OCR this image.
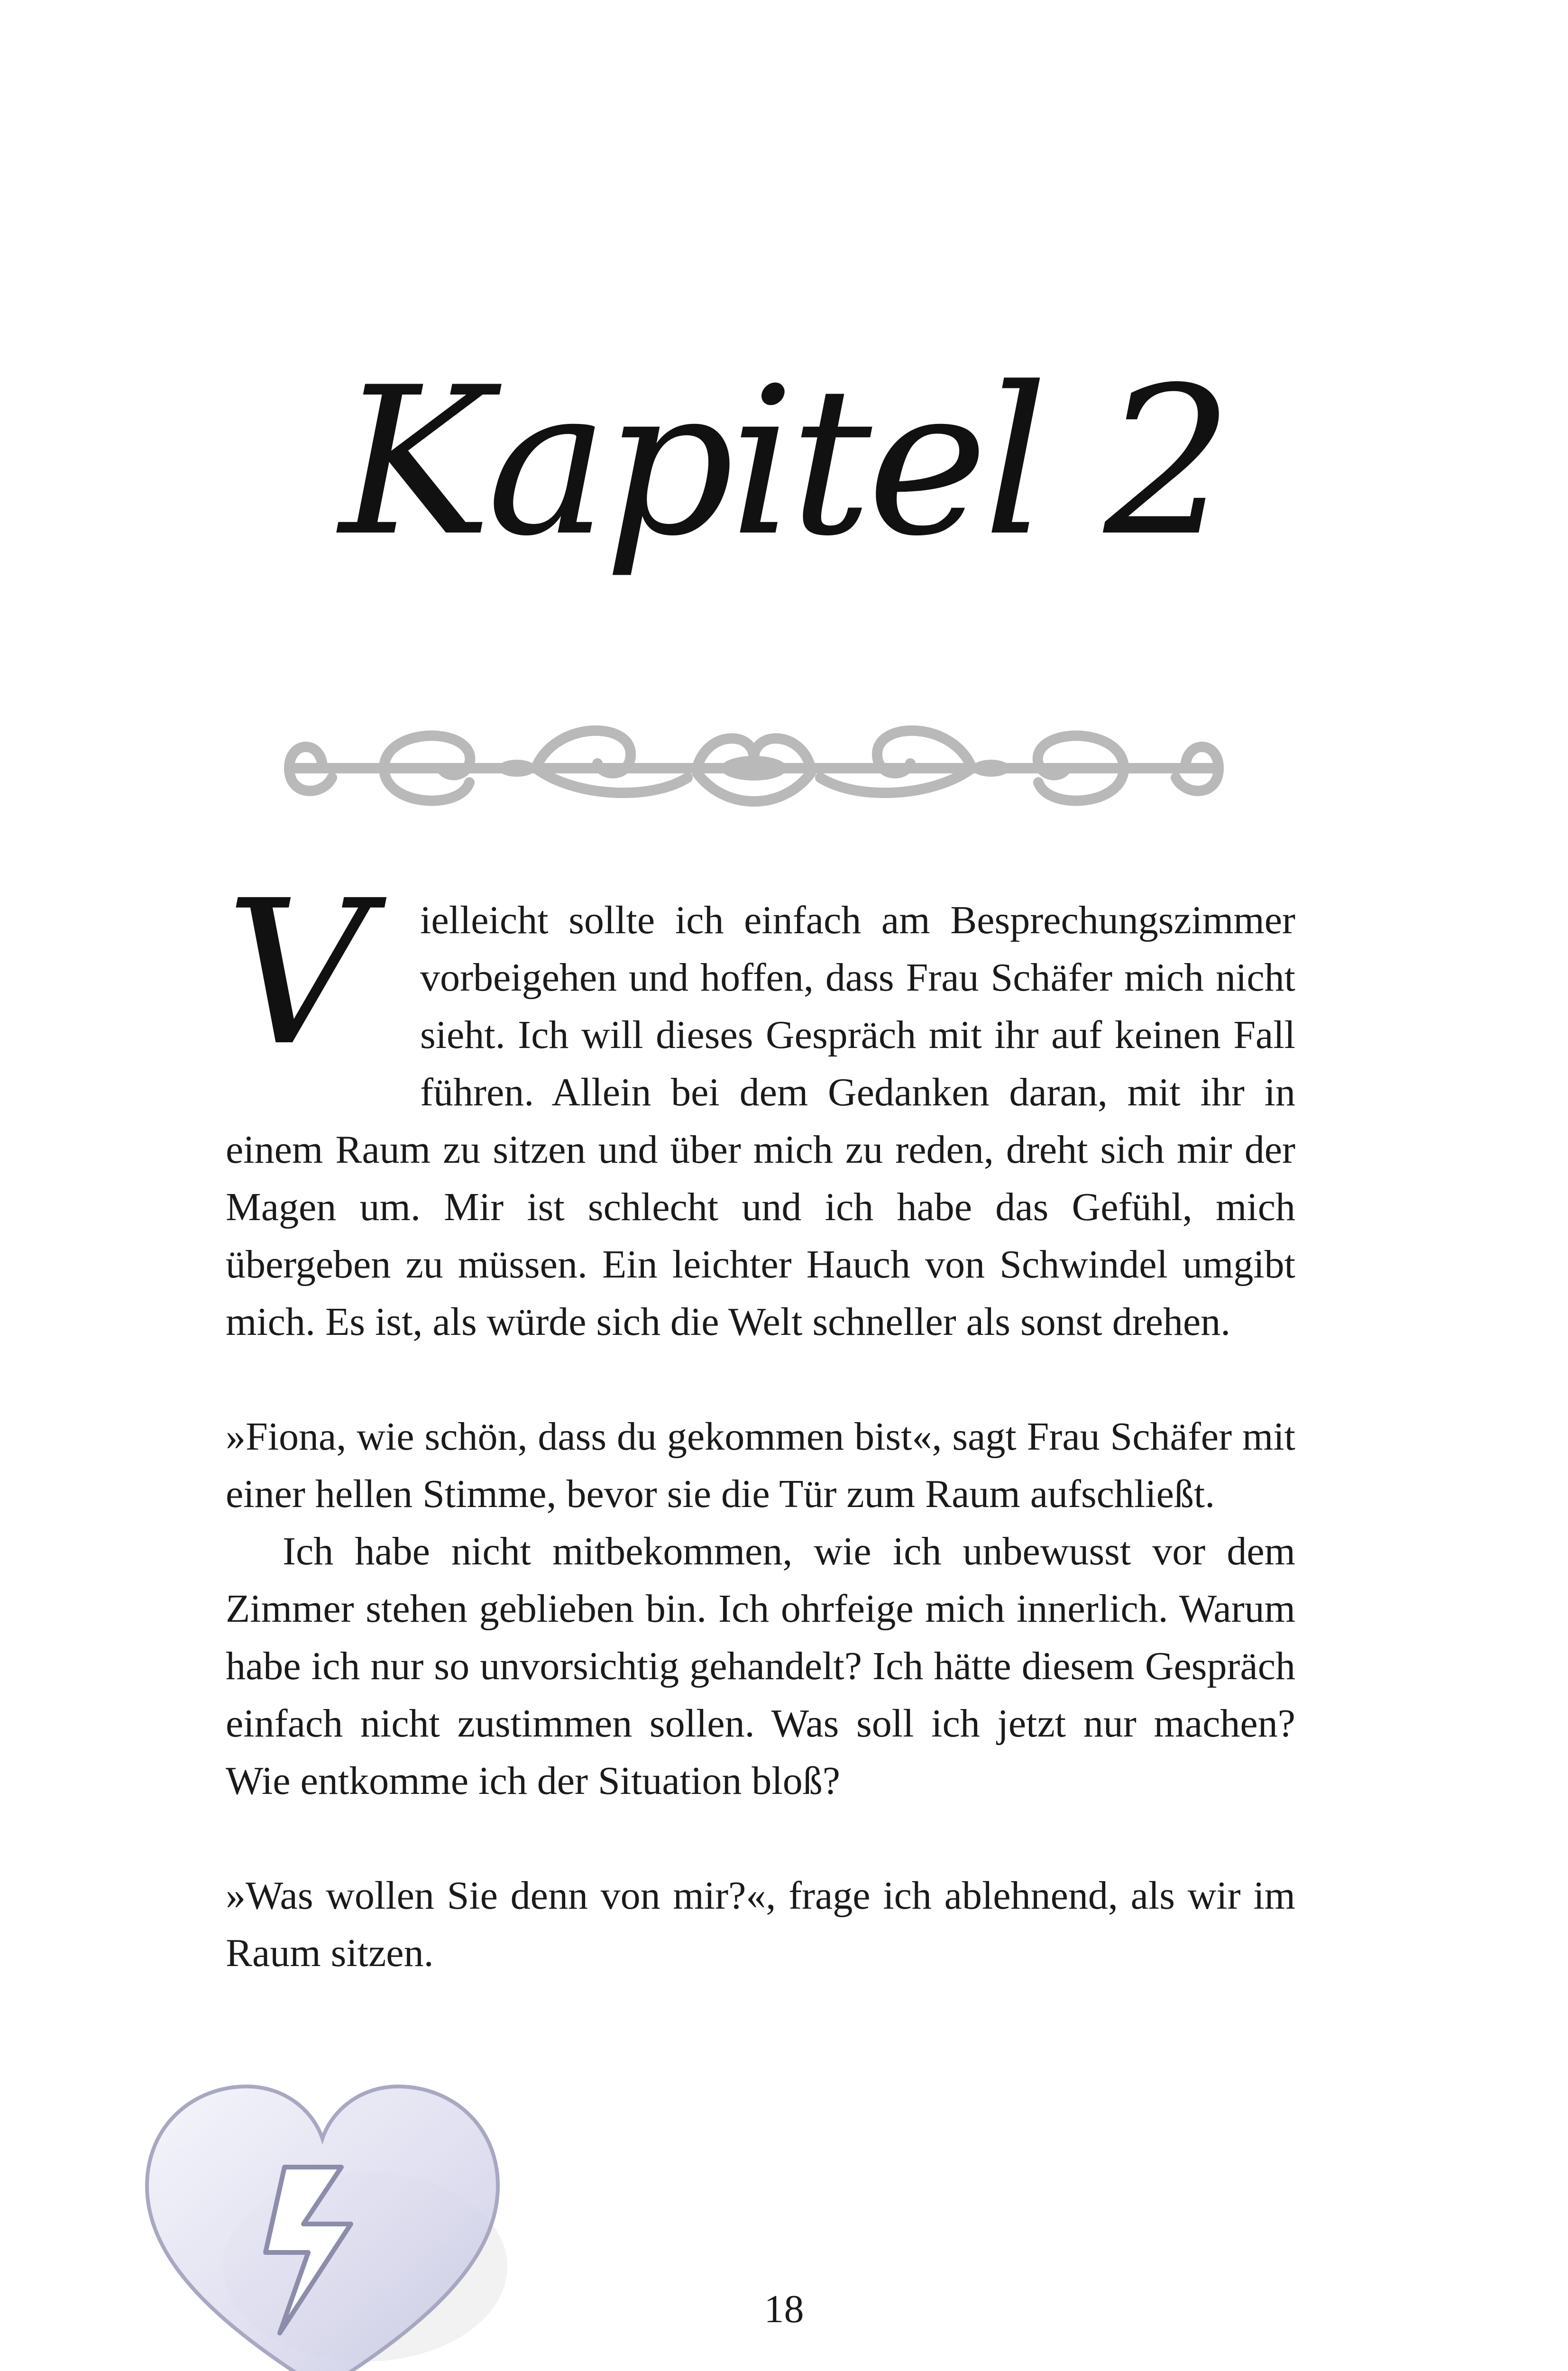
Kapitel 2

V	ielleicht sollte ich einfach am Besprechungszimmer vorbeigehen und hoffen, dass Frau Schäfer mich nicht sieht. Ich will dieses Gespräch mit ihr auf keinen Fall führen. Allein bei dem Gedanken daran, mit ihr in einem Raum zu sitzen und über mich zu reden, dreht sich mir der Magen um. Mir ist schlecht und ich habe das Gefühl, mich übergeben zu müssen. Ein leichter Hauch von Schwindel umgibt mich. Es ist, als würde sich die Welt schneller als sonst drehen.

»Fiona, wie schön, dass du gekommen bist«, sagt Frau Schäfer mit einer hellen Stimme, bevor sie die Tür zum Raum aufschließt.

Ich habe nicht mitbekommen, wie ich unbewusst vor dem Zimmer stehen geblieben bin. Ich ohrfeige mich innerlich. Warum habe ich nur so unvorsichtig gehandelt? Ich hätte diesem Gespräch einfach nicht zustimmen sollen. Was soll ich jetzt nur machen? Wie entkomme ich der Situation bloß?

»Was wollen Sie denn von mir?«, frage ich ablehnend, als wir im Raum sitzen.

18
